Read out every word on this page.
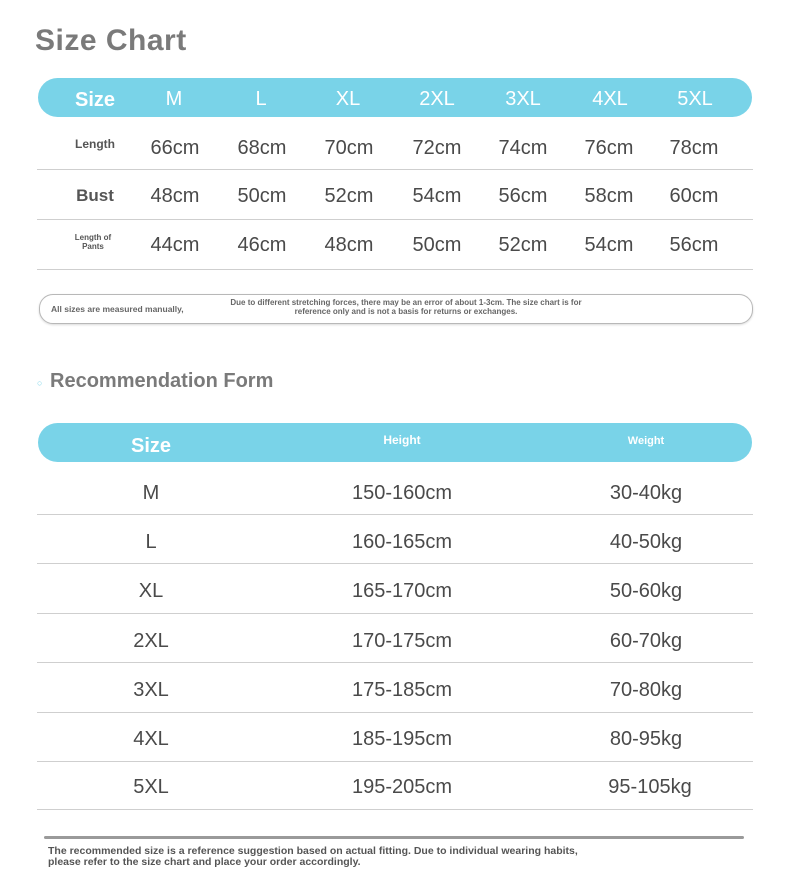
Size Chart
Size	M	L	XL	2XL	3XL	4XL 5XL
Length 66cm 68cm 70cm 72cm 74cm 76cm 78cm
Bust 48cm 50cm 52cm 54cm 56cm 58cm 60cm
Length of Pants	44cm 46cm 48cm 50cm 52cm 54cm 56cm
All sizes are measured manually,
Due to different stretching forces, there may be an error of about 1-3cm. The size chart is for reference only and is not a basis for returns or exchanges.
○ Recommendation Form
Size	Height	Weight
M	150-160cm	30-40kg
L	160-165cm	40-50kg
XL	165-170cm	50-60kg
2XL	170-175cm	60-70kg
3XL	175-185cm	70-80kg
4XL	185-195cm	80-95kg
5XL	195-205cm	95-105kg
The recommended size is a reference suggestion based on actual fitting. Due to individual wearing habits, please refer to the size chart and place your order accordingly.
